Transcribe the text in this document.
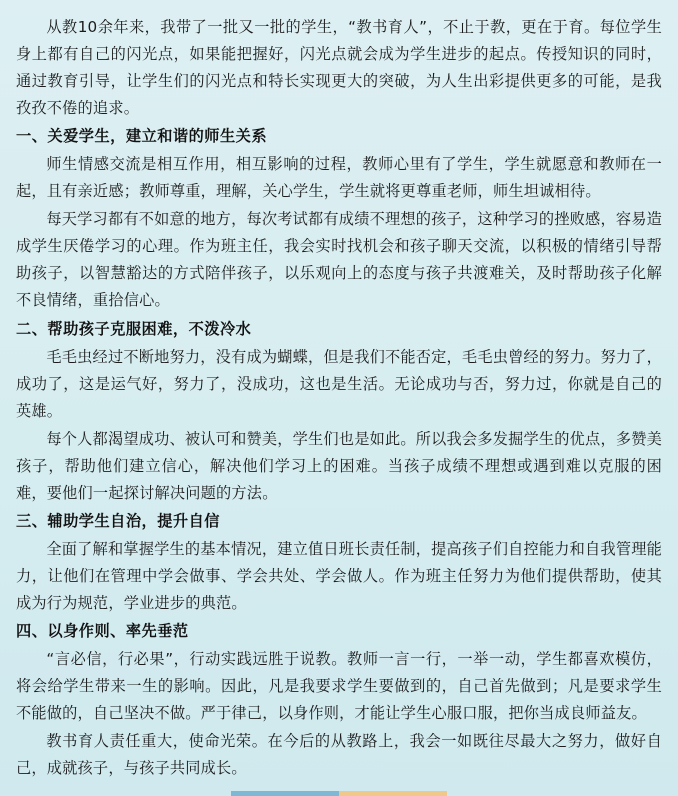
从教10余年来，我带了一批又一批的学生，“教书育人”，不止于教，更在于育。每位学生身上都有自己的闪光点，如果能把握好，闪光点就会成为学生进步的起点。传授知识的同时，通过教育引导，让学生们的闪光点和特长实现更大的突破，为人生出彩提供更多的可能，是我孜孜不倦的追求。

一、关爱学生，建立和谐的师生关系

师生情感交流是相互作用，相互影响的过程，教师心里有了学生，学生就愿意和教师在一起，且有亲近感；教师尊重，理解，关心学生，学生就将更尊重老师，师生坦诚相待。

每天学习都有不如意的地方，每次考试都有成绩不理想的孩子，这种学习的挫败感，容易造成学生厌倦学习的心理。作为班主任，我会实时找机会和孩子聊天交流，以积极的情绪引导帮助孩子，以智慧豁达的方式陪伴孩子，以乐观向上的态度与孩子共渡难关，及时帮助孩子化解不良情绪，重拾信心。

二、帮助孩子克服困难，不泼冷水

毛毛虫经过不断地努力，没有成为蝴蝶，但是我们不能否定，毛毛虫曾经的努力。努力了，成功了，这是运气好，努力了，没成功，这也是生活。无论成功与否，努力过，你就是自己的英雄。

每个人都渴望成功、被认可和赞美，学生们也是如此。所以我会多发掘学生的优点，多赞美孩子，帮助他们建立信心，解决他们学习上的困难。当孩子成绩不理想或遇到难以克服的困难，要他们一起探讨解决问题的方法。

三、辅助学生自治，提升自信

全面了解和掌握学生的基本情况，建立值日班长责任制，提高孩子们自控能力和自我管理能力，让他们在管理中学会做事、学会共处、学会做人。作为班主任努力为他们提供帮助，使其成为行为规范，学业进步的典范。

四、以身作则、率先垂范

“言必信，行必果”，行动实践远胜于说教。教师一言一行，一举一动，学生都喜欢模仿，将会给学生带来一生的影响。因此，凡是我要求学生要做到的，自己首先做到；凡是要求学生不能做的，自己坚决不做。严于律己，以身作则，才能让学生心服口服，把你当成良师益友。

教书育人责任重大，使命光荣。在今后的从教路上，我会一如既往尽最大之努力，做好自己，成就孩子，与孩子共同成长。
